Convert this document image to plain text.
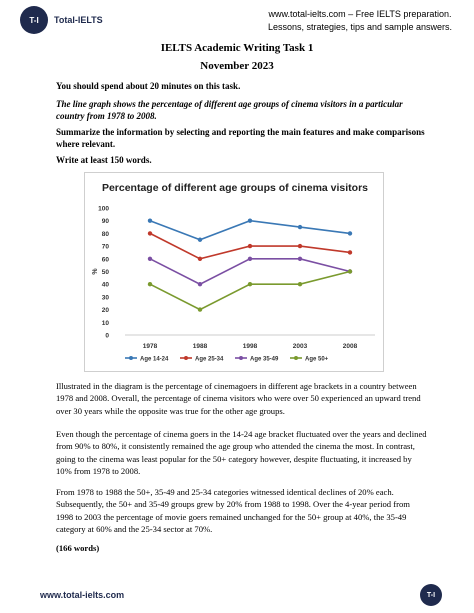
T-I	Total-IELTS
www.total-ielts.com – Free IELTS preparation.
Lessons, strategies, tips and sample answers.
IELTS Academic Writing Task 1
November 2023
You should spend about 20 minutes on this task.
The line graph shows the percentage of different age groups of cinema visitors in a particular country from 1978 to 2008.
Summarize the information by selecting and reporting the main features and make comparisons where relevant.
Write at least 150 words.
Percentage of different age groups of cinema visitors
0
10
20
30
40
50
60
70
80
90
100
%
1978	1988	1998	2003	2008
Age 14-24	Age 25-34	Age 35-49	Age 50+
Illustrated in the diagram is the percentage of cinemagoers in different age brackets in a country between 1978 and 2008. Overall, the percentage of cinema visitors who were over 50 experienced an upward trend over 30 years while the opposite was true for the other age groups.
Even though the percentage of cinema goers in the 14-24 age bracket fluctuated over the years and declined from 90% to 80%, it consistently remained the age group who attended the cinema the most. In contrast, going to the cinema was least popular for the 50+ category however, despite fluctuating, it increased by 10% from 1978 to 2008.
From 1978 to 1988 the 50+, 35-49 and 25-34 categories witnessed identical declines of 20% each. Subsequently, the 50+ and 35-49 groups grew by 20% from 1988 to 1998. Over the 4-year period from 1998 to 2003 the percentage of movie goers remained unchanged for the 50+ group at 40%, the 35-49 category at 60% and the 25-34 sector at 70%.
(166 words)
www.total-ielts.com	T-I
